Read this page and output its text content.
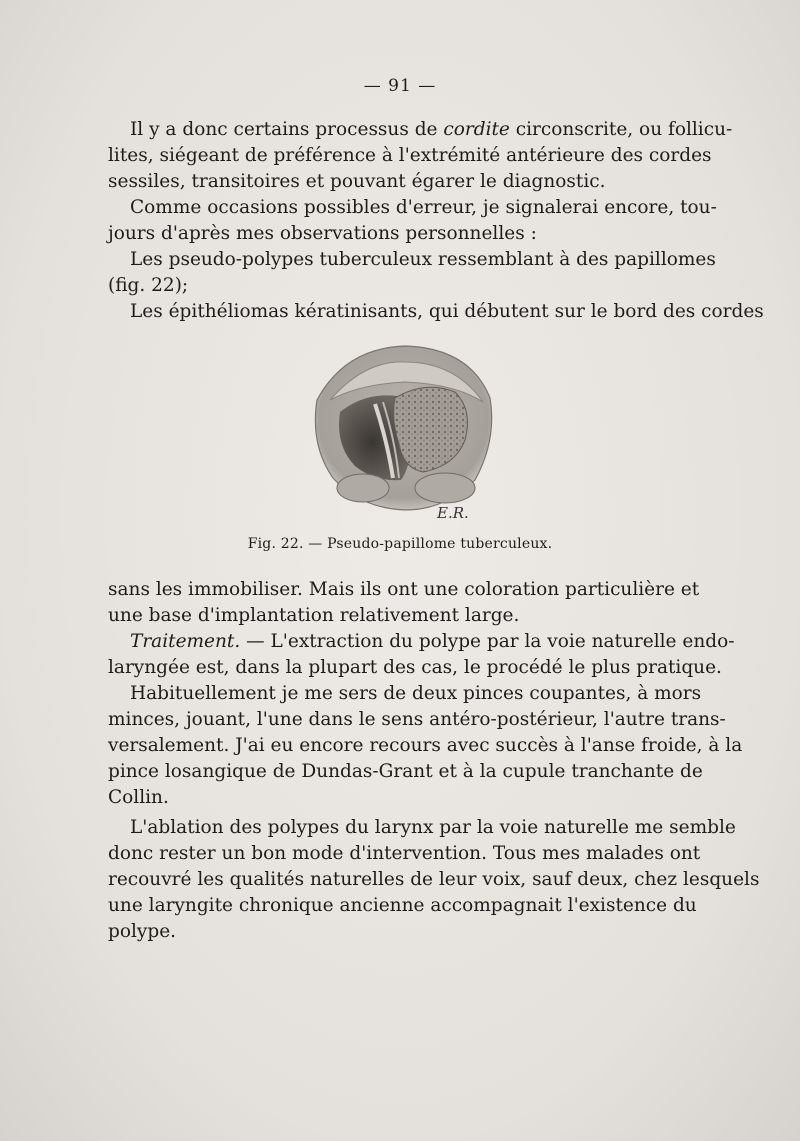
— 91 —
Il y a donc certains processus de cordite circonscrite, ou follicu-
lites, siégeant de préférence à l'extrémité antérieure des cordes
sessiles, transitoires et pouvant égarer le diagnostic.
Comme occasions possibles d'erreur, je signalerai encore, tou-
jours d'après mes observations personnelles :
Les pseudo-polypes tuberculeux ressemblant à des papillomes
(fig. 22);
Les épithéliomas kératinisants, qui débutent sur le bord des cordes
E.R.
Fig. 22. — Pseudo-papillome tuberculeux.
sans les immobiliser. Mais ils ont une coloration particulière et
une base d'implantation relativement large.
Traitement. — L'extraction du polype par la voie naturelle endo-
laryngée est, dans la plupart des cas, le procédé le plus pratique.
Habituellement je me sers de deux pinces coupantes, à mors
minces, jouant, l'une dans le sens antéro-postérieur, l'autre trans-
versalement. J'ai eu encore recours avec succès à l'anse froide, à la
pince losangique de Dundas-Grant et à la cupule tranchante de
Collin.
L'ablation des polypes du larynx par la voie naturelle me semble
donc rester un bon mode d'intervention. Tous mes malades ont
recouvré les qualités naturelles de leur voix, sauf deux, chez lesquels
une laryngite chronique ancienne accompagnait l'existence du
polype.
